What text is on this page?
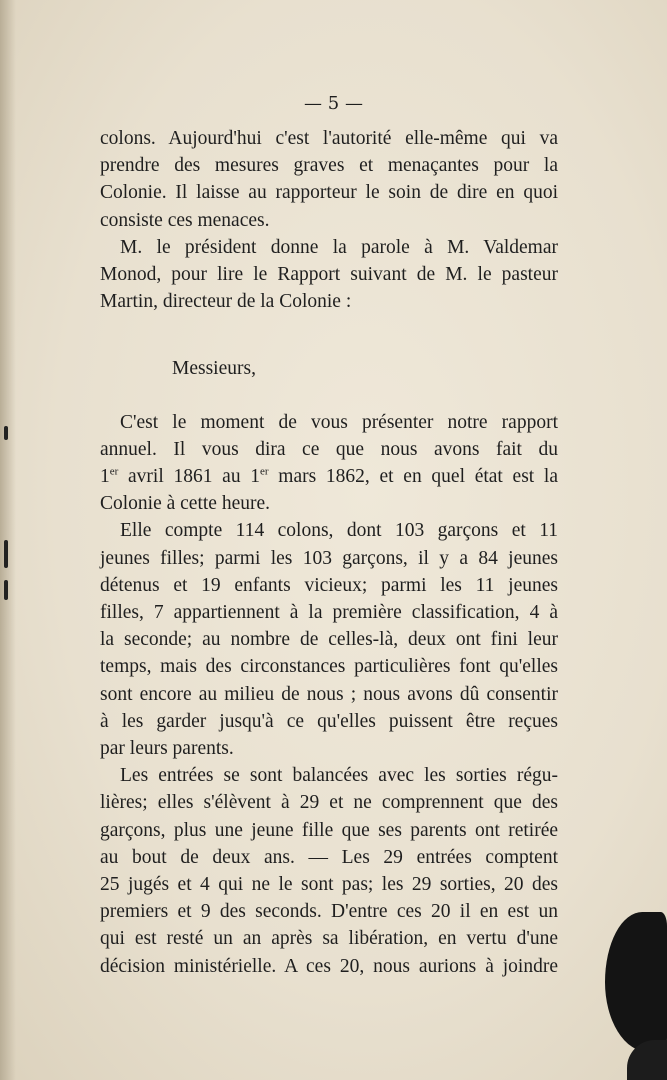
— 5 —
colons. Aujourd'hui c'est l'autorité elle-même qui va
prendre des mesures graves et menaçantes pour la
Colonie. Il laisse au rapporteur le soin de dire en quoi
consiste ces menaces.
M. le président donne la parole à M. Valdemar
Monod, pour lire le Rapport suivant de M. le pasteur
Martin, directeur de la Colonie :
Messieurs,
C'est le moment de vous présenter notre rapport
annuel. Il vous dira ce que nous avons fait du
1er avril 1861 au 1er mars 1862, et en quel état est la
Colonie à cette heure.
Elle compte 114 colons, dont 103 garçons et 11
jeunes filles; parmi les 103 garçons, il y a 84 jeunes
détenus et 19 enfants vicieux; parmi les 11 jeunes
filles, 7 appartiennent à la première classification, 4 à
la seconde; au nombre de celles-là, deux ont fini leur
temps, mais des circonstances particulières font qu'elles
sont encore au milieu de nous ; nous avons dû consentir
à les garder jusqu'à ce qu'elles puissent être reçues
par leurs parents.
Les entrées se sont balancées avec les sorties régu-
lières; elles s'élèvent à 29 et ne comprennent que des
garçons, plus une jeune fille que ses parents ont retirée
au bout de deux ans. — Les 29 entrées comptent
25 jugés et 4 qui ne le sont pas; les 29 sorties, 20 des
premiers et 9 des seconds. D'entre ces 20 il en est un
qui est resté un an après sa libération, en vertu d'une
décision ministérielle. A ces 20, nous aurions à joindre
